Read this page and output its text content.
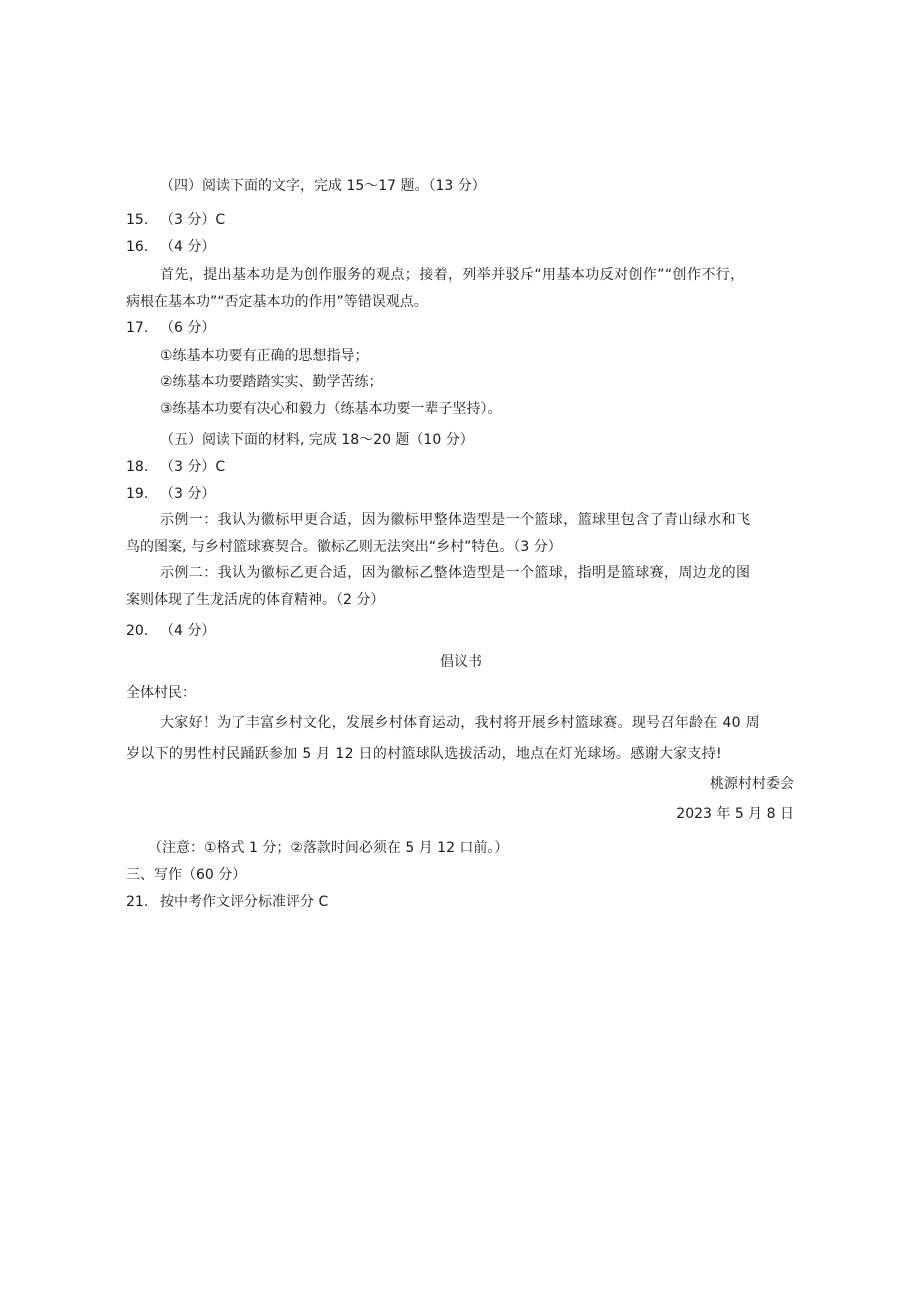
（四）阅读下面的文字，完成 15～17 题。（13 分）
15. （3 分）C
16. （4 分）
首先，提出基本功是为创作服务的观点；接着，列举并驳斥“用基本功反对创作”“创作不行，
病根在基本功”“否定基本功的作用”等错误观点。
17. （6 分）
①练基本功要有正确的思想指导；
②练基本功要踏踏实实、勤学苦练；
③练基本功要有决心和毅力（练基本功要一辈子坚持）。
（五）阅读下面的材料, 完成 18～20 题（10 分）
18. （3 分）C
19. （3 分）
示例一：我认为徽标甲更合适，因为徽标甲整体造型是一个篮球，篮球里包含了青山绿水和飞
鸟的图案, 与乡村篮球赛契合。徽标乙则无法突出“乡村”特色。（3 分）
示例二：我认为徽标乙更合适，因为徽标乙整体造型是一个篮球，指明是篮球赛，周边龙的图
案则体现了生龙活虎的体育精神。（2 分）
20. （4 分）
倡议书
全体村民：
大家好！为了丰富乡村文化，发展乡村体育运动，我村将开展乡村篮球赛。现号召年龄在 40 周
岁以下的男性村民踊跃参加 5 月 12 日的村篮球队选拔活动，地点在灯光球场。感谢大家支持!
桃源村村委会
2023 年 5 月 8 日
（注意：①格式 1 分；②落款时间必须在 5 月 12 口前。）
三、写作（60 分）
21. 按中考作文评分标准评分 C
